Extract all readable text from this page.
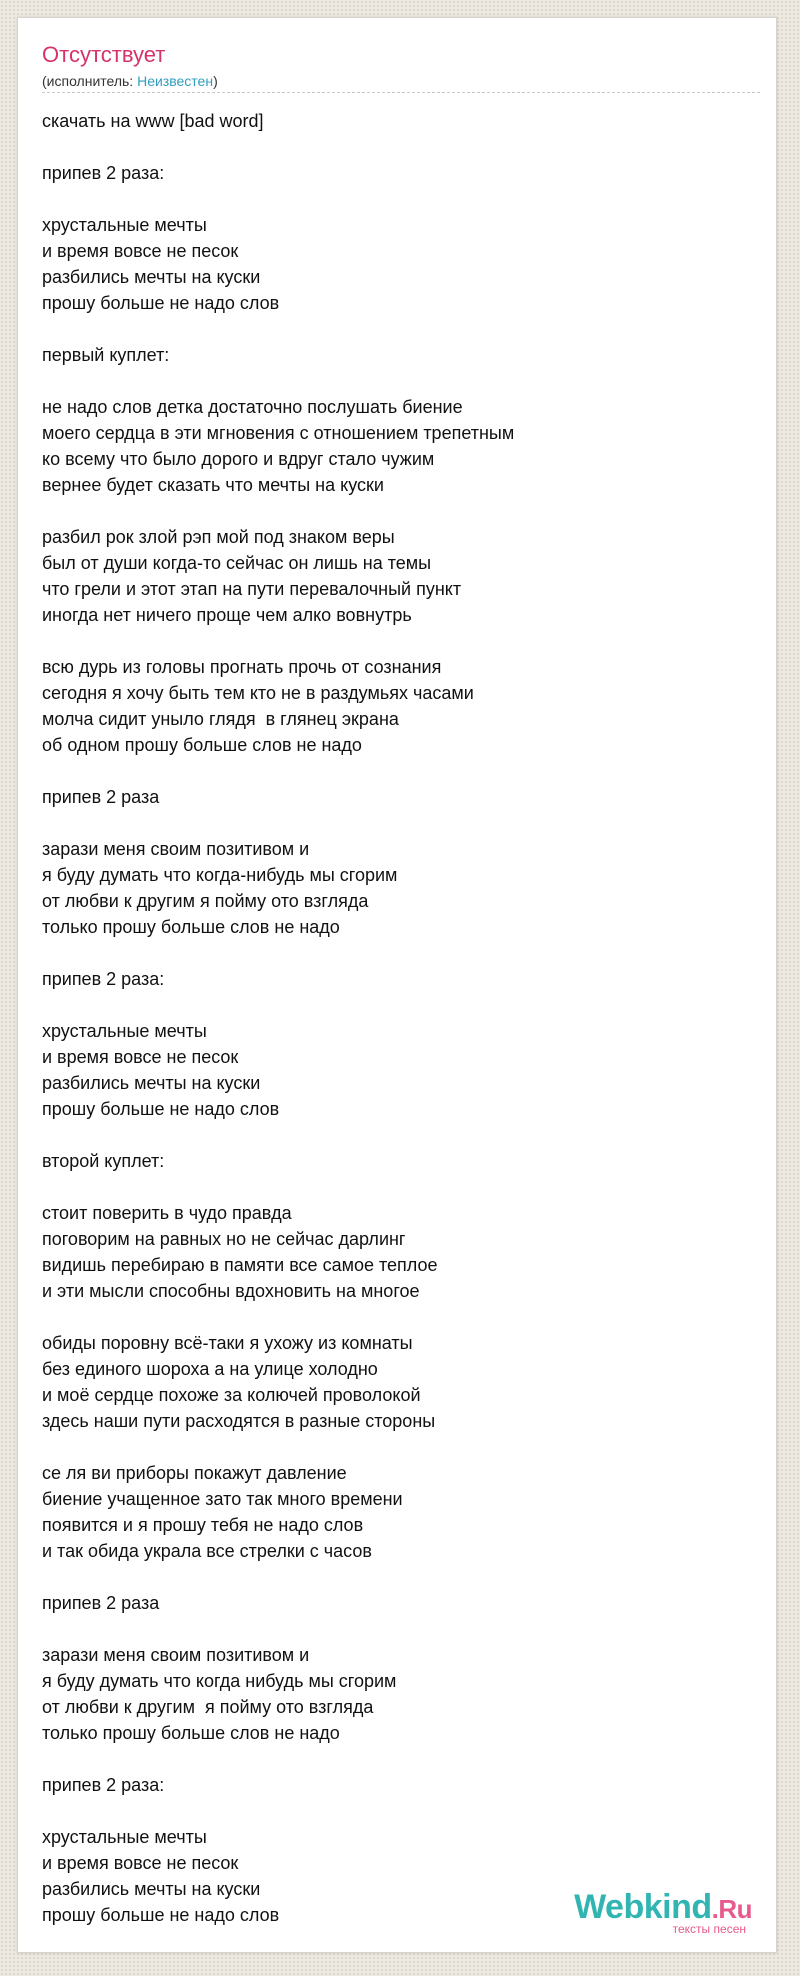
Отсутствует
(исполнитель: Неизвестен)
скачать на www [bad word]
припев 2 раза:
хрустальные мечты
и время вовсе не песок
разбились мечты на куски
прошу больше не надо слов
первый куплет:
не надо слов детка достаточно послушать биение
моего сердца в эти мгновения с отношением трепетным
ко всему что было дорого и вдруг стало чужим
вернее будет сказать что мечты на куски
разбил рок злой рэп мой под знаком веры
был от души когда-то сейчас он лишь на темы
что грели и этот этап на пути перевалочный пункт
иногда нет ничего проще чем алко вовнутрь
всю дурь из головы прогнать прочь от сознания
сегодня я хочу быть тем кто не в раздумьях часами
молча сидит уныло глядя  в глянец экрана
об одном прошу больше слов не надо
припев 2 раза
зарази меня своим позитивом и
я буду думать что когда-нибудь мы сгорим
от любви к другим я пойму ото взгляда
только прошу больше слов не надо
припев 2 раза:
хрустальные мечты
и время вовсе не песок
разбились мечты на куски
прошу больше не надо слов
второй куплет:
стоит поверить в чудо правда
поговорим на равных но не сейчас дарлинг
видишь перебираю в памяти все самое теплое
и эти мысли способны вдохновить на многое
обиды поровну всё-таки я ухожу из комнаты
без единого шороха а на улице холодно
и моё сердце похоже за колючей проволокой
здесь наши пути расходятся в разные стороны
се ля ви приборы покажут давление
биение учащенное зато так много времени
появится и я прошу тебя не надо слов
и так обида украла все стрелки с часов
припев 2 раза
зарази меня своим позитивом и
я буду думать что когда нибудь мы сгорим
от любви к другим  я пойму ото взгляда
только прошу больше слов не надо
припев 2 раза:
хрустальные мечты
и время вовсе не песок
разбились мечты на куски
прошу больше не надо слов	Webkind.Ru
тексты песен
